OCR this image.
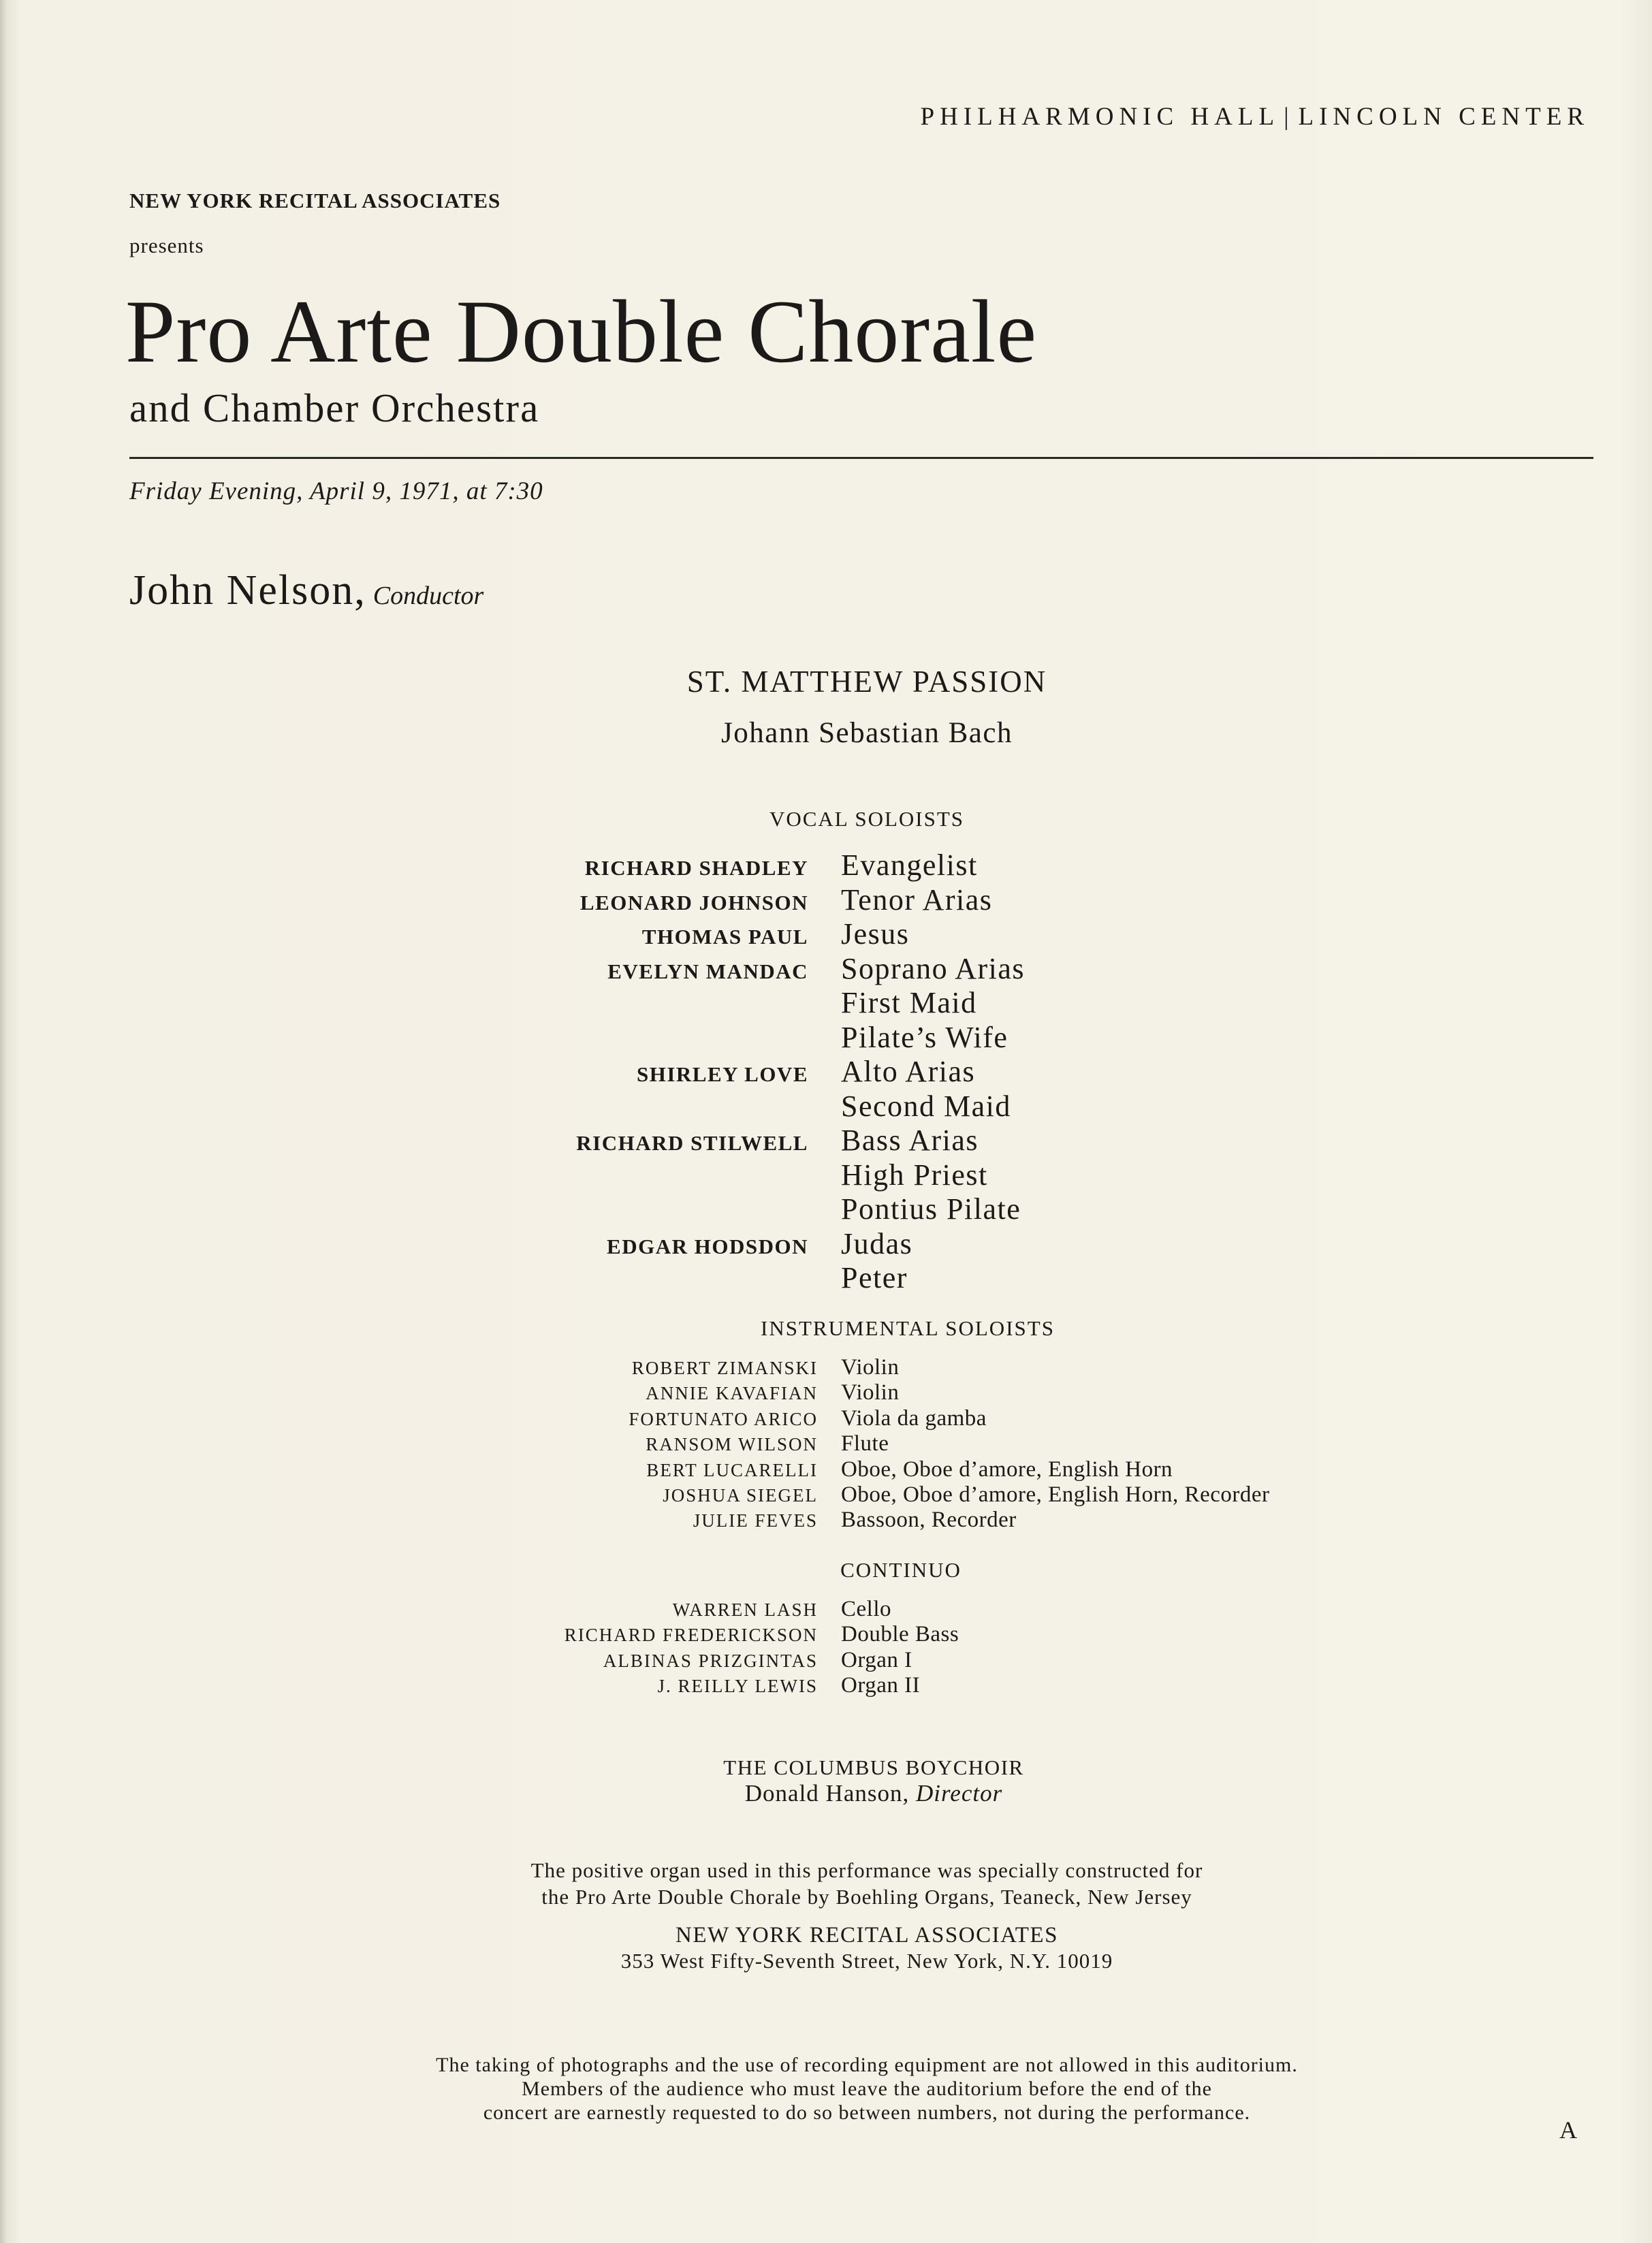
PHILHARMONIC HALL | LINCOLN CENTER
NEW YORK RECITAL ASSOCIATES
presents
Pro Arte Double Chorale
and Chamber Orchestra
Friday Evening, April 9, 1971, at 7:30
John Nelson, Conductor
ST. MATTHEW PASSION
Johann Sebastian Bach
VOCAL SOLOISTS
RICHARD SHADLEY	Evangelist
LEONARD JOHNSON	Tenor Arias
THOMAS PAUL	Jesus
EVELYN MANDAC	Soprano Arias
First Maid
Pilate’s Wife
SHIRLEY LOVE	Alto Arias
Second Maid
RICHARD STILWELL	Bass Arias
High Priest
Pontius Pilate
EDGAR HODSDON	Judas
Peter
INSTRUMENTAL SOLOISTS
ROBERT ZIMANSKI	Violin
ANNIE KAVAFIAN	Violin
FORTUNATO ARICO	Viola da gamba
RANSOM WILSON	Flute
BERT LUCARELLI	Oboe, Oboe d’amore, English Horn
JOSHUA SIEGEL	Oboe, Oboe d’amore, English Horn, Recorder
JULIE FEVES	Bassoon, Recorder
CONTINUO
WARREN LASH	Cello
RICHARD FREDERICKSON	Double Bass
ALBINAS PRIZGINTAS	Organ I
J. REILLY LEWIS	Organ II
THE COLUMBUS BOYCHOIR
Donald Hanson, Director
The positive organ used in this performance was specially constructed for
the Pro Arte Double Chorale by Boehling Organs, Teaneck, New Jersey
NEW YORK RECITAL ASSOCIATES
353 West Fifty-Seventh Street, New York, N.Y. 10019
The taking of photographs and the use of recording equipment are not allowed in this auditorium.
Members of the audience who must leave the auditorium before the end of the
concert are earnestly requested to do so between numbers, not during the performance.
A
